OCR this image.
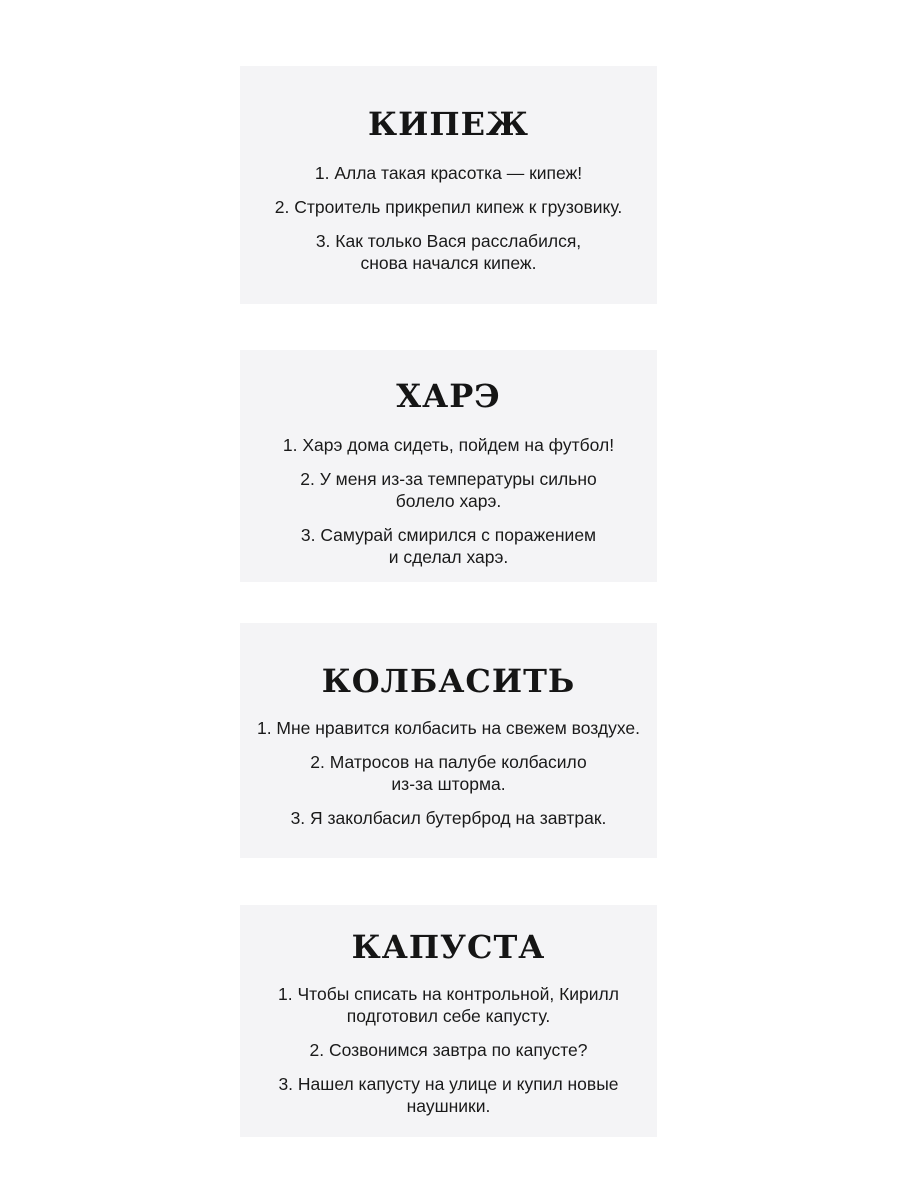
КИПЕЖ
1. Алла такая красотка — кипеж!
2. Строитель прикрепил кипеж к грузовику.
3. Как только Вася расслабился,
снова начался кипеж.
ХАРЭ
1. Харэ дома сидеть, пойдем на футбол!
2. У меня из-за температуры сильно
болело харэ.
3. Самурай смирился с поражением
и сделал харэ.
КОЛБАСИТЬ
1. Мне нравится колбасить на свежем воздухе.
2. Матросов на палубе колбасило
из-за шторма.
3. Я заколбасил бутерброд на завтрак.
КАПУСТА
1. Чтобы списать на контрольной, Кирилл
подготовил себе капусту.
2. Созвонимся завтра по капусте?
3. Нашел капусту на улице и купил новые
наушники.
